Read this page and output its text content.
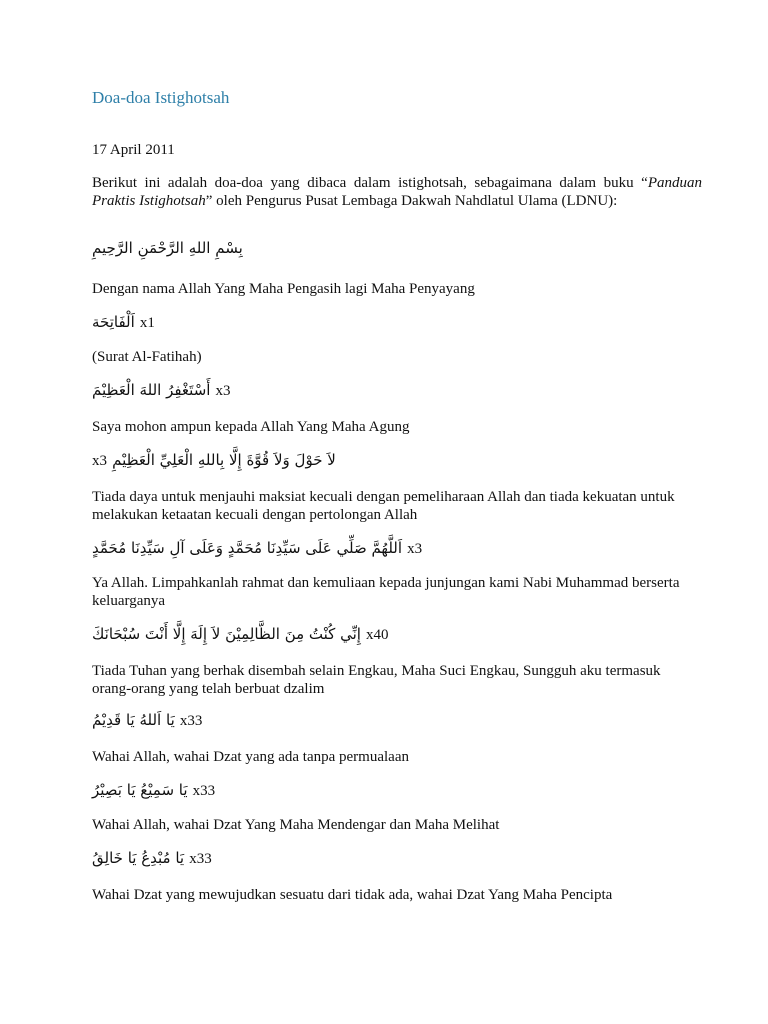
Doa-doa Istighotsah
17 April 2011
Berikut ini adalah doa-doa yang dibaca dalam istighotsah, sebagaimana dalam buku “Panduan Praktis Istighotsah” oleh Pengurus Pusat Lembaga Dakwah Nahdlatul Ulama (LDNU):
بِسْمِ اللهِ الرَّحْمَنِ الرَّحِيمِ
Dengan nama Allah Yang Maha Pengasih lagi Maha Penyayang
اَلْفَاتِحَة x1
(Surat Al-Fatihah)
أَسْتَغْفِرُ اللهَ الْعَظِيْمَ x3
Saya mohon ampun kepada Allah Yang Maha Agung
x3 لاَ حَوْلَ وَلاَ قُوَّةَ إِلَّا بِاللهِ الْعَلِيِّ الْعَظِيْمِ
Tiada daya untuk menjauhi maksiat kecuali dengan pemeliharaan Allah dan tiada kekuatan untuk melakukan ketaatan kecuali dengan pertolongan Allah
اَللَّهُمَّ صَلِّي عَلَى سَيِّدِنَا مُحَمَّدٍ وَعَلَى آلِ سَيِّدِنَا مُحَمَّدٍ x3
Ya Allah. Limpahkanlah rahmat dan kemuliaan kepada junjungan kami Nabi Muhammad berserta keluarganya
إِنِّي كُنْتُ مِنَ الظَّالِمِيْنَ لاَ إِلَهَ إِلَّا أَنْتَ سُبْحَانَكَ x40
Tiada Tuhan yang berhak disembah selain Engkau, Maha Suci Engkau, Sungguh aku termasuk orang-orang yang telah berbuat dzalim
يَا اَللهُ يَا قَدِيْمُ x33
Wahai Allah, wahai Dzat yang ada tanpa permualaan
يَا سَمِيْعُ يَا بَصِيْرُ x33
Wahai Allah, wahai Dzat Yang Maha Mendengar dan Maha Melihat
يَا مُبْدِعُ يَا خَالِقُ x33
Wahai Dzat yang mewujudkan sesuatu dari tidak ada, wahai Dzat Yang Maha Pencipta
